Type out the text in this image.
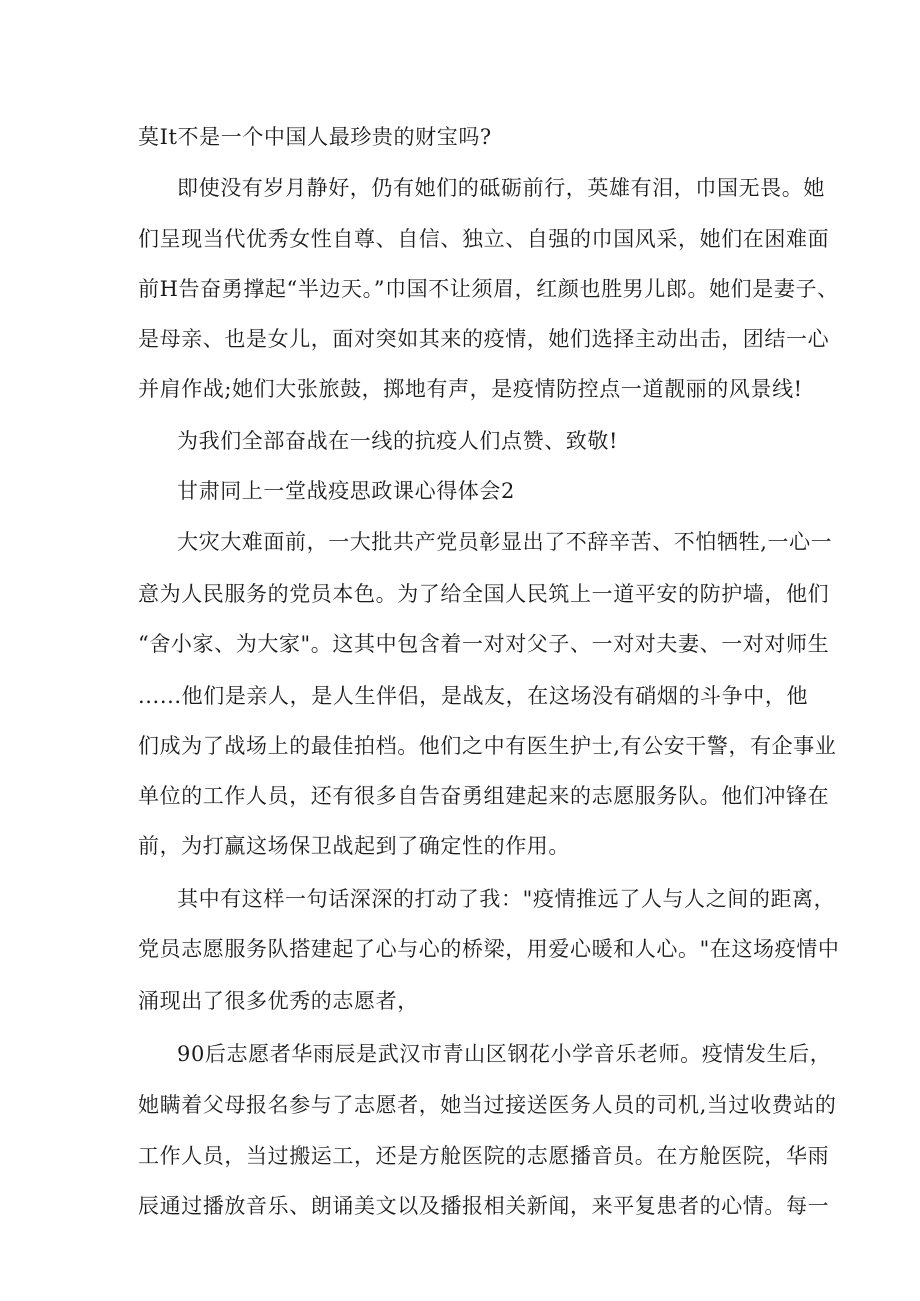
莫It不是一个中国人最珍贵的财宝吗?
即使没有岁月静好，仍有她们的砥砺前行，英雄有泪，巾国无畏。她
们呈现当代优秀女性自尊、自信、独立、自强的巾国风采，她们在困难面
前H告奋勇撑起“半边天。”巾国不让须眉，红颜也胜男儿郎。她们是妻子、
是母亲、也是女儿，面对突如其来的疫情，她们选择主动出击，团结一心
并肩作战;她们大张旅鼓，掷地有声，是疫情防控点一道靓丽的风景线!
为我们全部奋战在一线的抗疫人们点赞、致敬!
甘肃同上一堂战疫思政课心得体会2
大灾大难面前，一大批共产党员彰显出了不辞辛苦、不怕牺牲,一心一
意为人民服务的党员本色。为了给全国人民筑上一道平安的防护墙，他们
“舍小家、为大家"。这其中包含着一对对父子、一对对夫妻、一对对师生
......他们是亲人，是人生伴侣，是战友，在这场没有硝烟的斗争中，他
们成为了战场上的最佳拍档。他们之中有医生护士,有公安干警，有企事业
单位的工作人员，还有很多自告奋勇组建起来的志愿服务队。他们冲锋在
前，为打赢这场保卫战起到了确定性的作用。
其中有这样一句话深深的打动了我："疫情推远了人与人之间的距离，
党员志愿服务队搭建起了心与心的桥梁，用爱心暖和人心。"在这场疫情中
涌现出了很多优秀的志愿者，
90后志愿者华雨辰是武汉市青山区钢花小学音乐老师。疫情发生后，
她瞒着父母报名参与了志愿者，她当过接送医务人员的司机,当过收费站的
工作人员，当过搬运工，还是方舱医院的志愿播音员。在方舱医院，华雨
辰通过播放音乐、朗诵美文以及播报相关新闻，来平复患者的心情。每一
